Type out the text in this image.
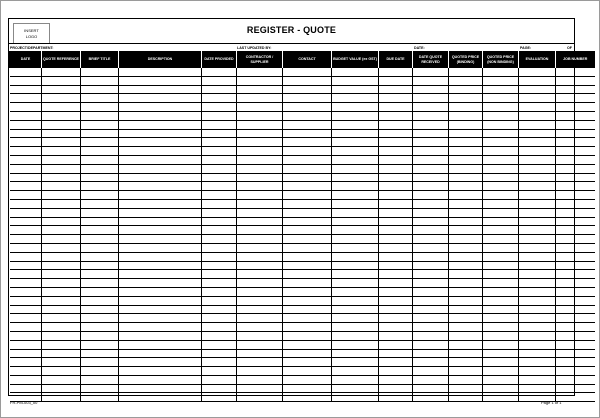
INSERT
LOGO
REGISTER - QUOTE
PROJECT/DEPARTMENT:	LAST UPDATED BY:	DATE:	PAGE:	OF
DATE	QUOTE REFERENCE	BRIEF TITLE	DESCRIPTION	DATE PROVIDED	CONTRACTOR / SUPPLIER	CONTACT	BUDGET VALUE (ex GST)	DUE DATE	DATE QUOTE RECEIVED	QUOTED PRICE (BINDING)	QUOTED PRICE (NON BINDING)	EVALUATION	JOB NUMBER

FR-PM-003_00	Page 1 of 1
